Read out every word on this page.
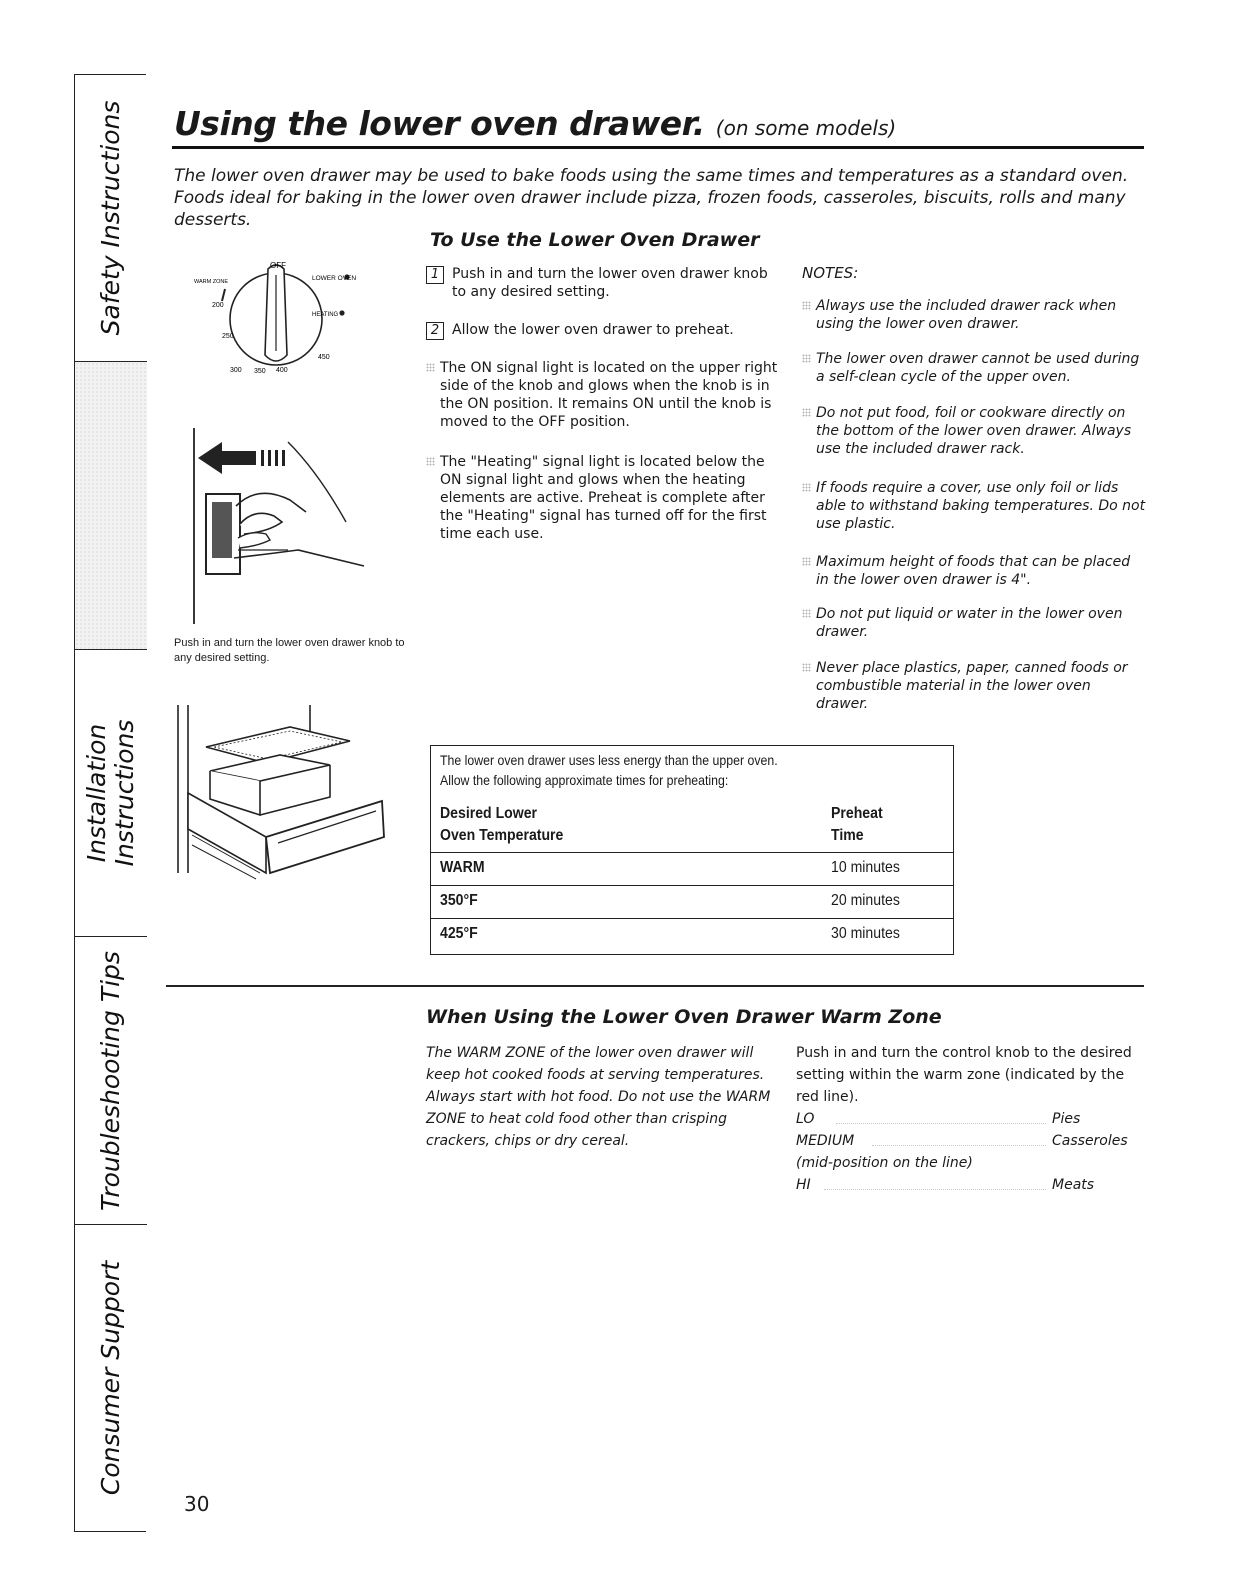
Safety Instructions
Installation Instructions
Troubleshooting Tips
Consumer Support
Using the lower oven drawer. (on some models)
The lower oven drawer may be used to bake foods using the same times and temperatures as a standard oven. Foods ideal for baking in the lower oven drawer include pizza, frozen foods, casseroles, biscuits, rolls and many desserts.
OFF
LOWER OVEN
HEATING
WARM ZONE
200
250
300 350 400
450
Push in and turn the lower oven drawer knob to any desired setting.
To Use the Lower Oven Drawer
1 Push in and turn the lower oven drawer knob to any desired setting.
2 Allow the lower oven drawer to preheat.
The ON signal light is located on the upper right side of the knob and glows when the knob is in the ON position. It remains ON until the knob is moved to the OFF position.
The "Heating" signal light is located below the ON signal light and glows when the heating elements are active. Preheat is complete after the "Heating" signal has turned off for the first time each use.
NOTES:
Always use the included drawer rack when using the lower oven drawer.
The lower oven drawer cannot be used during a self-clean cycle of the upper oven.
Do not put food, foil or cookware directly on the bottom of the lower oven drawer. Always use the included drawer rack.
If foods require a cover, use only foil or lids able to withstand baking temperatures. Do not use plastic.
Maximum height of foods that can be placed in the lower oven drawer is 4".
Do not put liquid or water in the lower oven drawer.
Never place plastics, paper, canned foods or combustible material in the lower oven drawer.
The lower oven drawer uses less energy than the upper oven.
Allow the following approximate times for preheating:
Desired Lower
Oven Temperature
Preheat
Time
WARM	10 minutes
350°F	20 minutes
425°F	30 minutes
When Using the Lower Oven Drawer Warm Zone
The WARM ZONE of the lower oven drawer will keep hot cooked foods at serving temperatures. Always start with hot food. Do not use the WARM ZONE to heat cold food other than crisping crackers, chips or dry cereal.
Push in and turn the control knob to the desired setting within the warm zone (indicated by the red line).
LO	Pies
MEDIUM	Casseroles
(mid-position on the line)
HI	Meats
30
